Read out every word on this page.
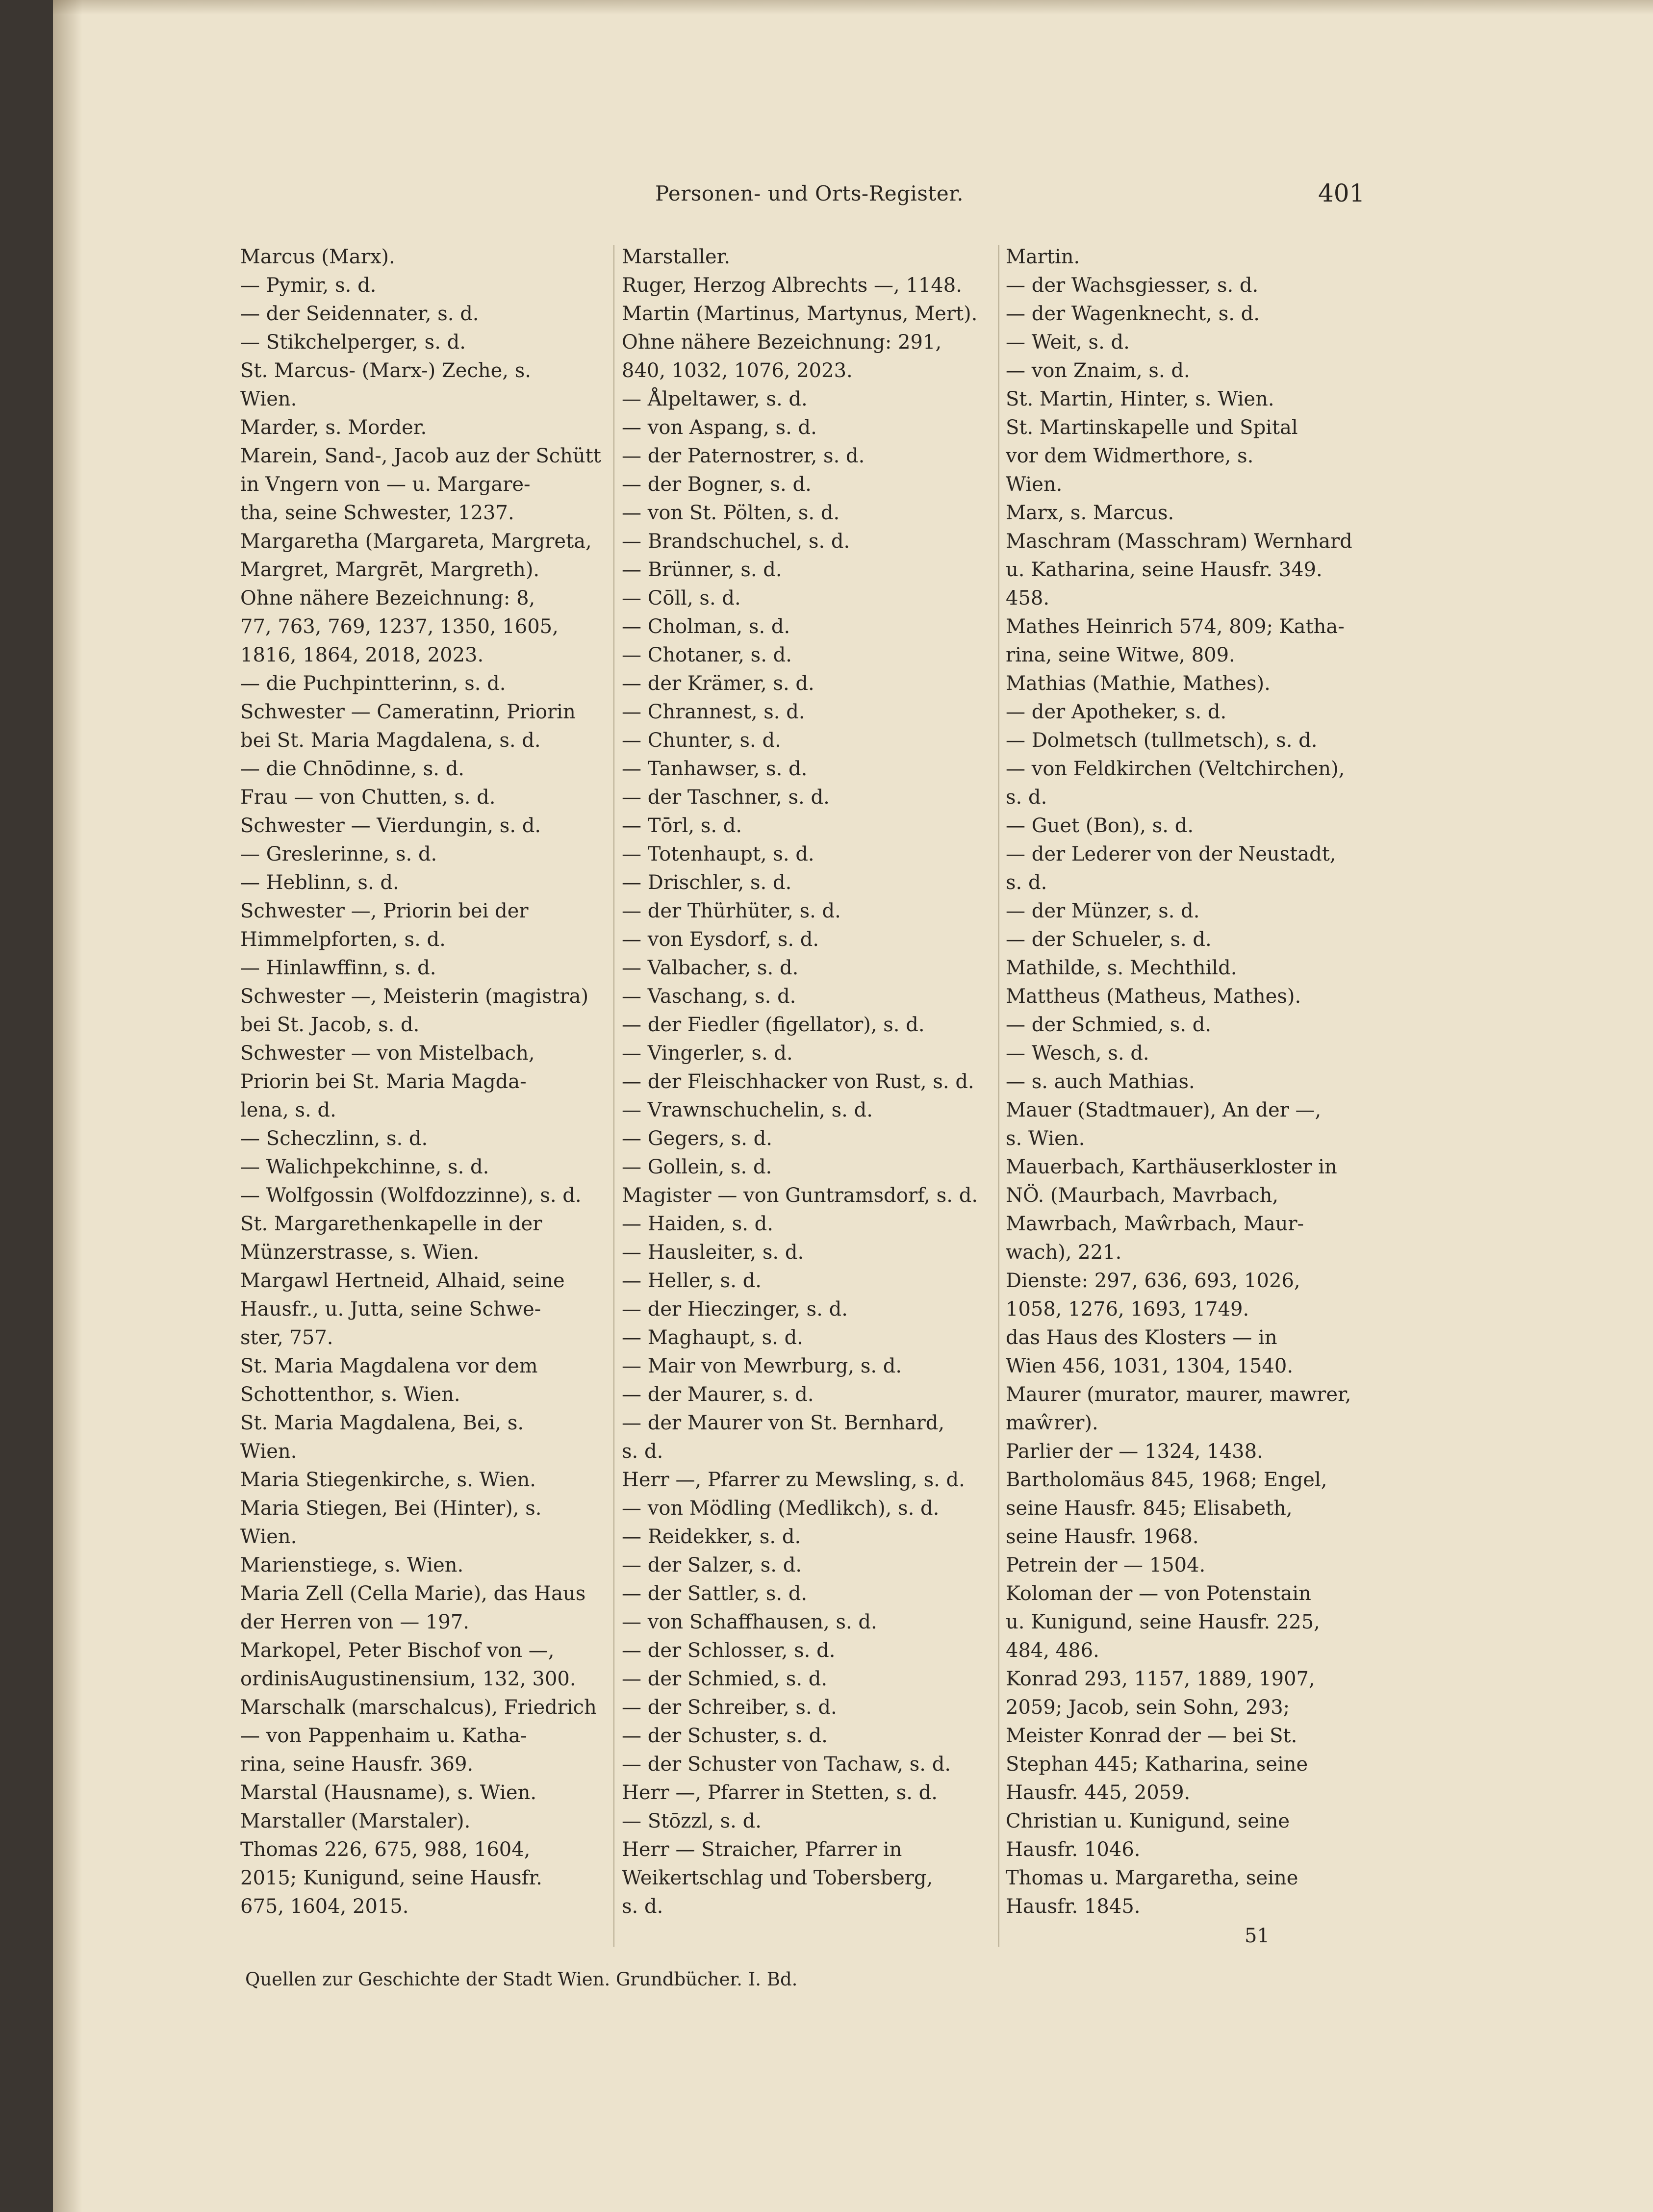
Personen- und Orts-Register.	401
Marcus (Marx).
— Pymir, s. d.
— der Seidennater, s. d.
— Stikchelperger, s. d.
St. Marcus- (Marx-) Zeche, s.
Wien.
Marder, s. Morder.
Marein, Sand-, Jacob auz der Schütt
in Vngern von — u. Margare-
tha, seine Schwester, 1237.
Margaretha (Margareta, Margreta,
Margret, Margrēt, Margreth).
Ohne nähere Bezeichnung: 8,
77, 763, 769, 1237, 1350, 1605,
1816, 1864, 2018, 2023.
— die Puchpintterinn, s. d.
Schwester — Cameratinn, Priorin
bei St. Maria Magdalena, s. d.
— die Chnōdinne, s. d.
Frau — von Chutten, s. d.
Schwester — Vierdungin, s. d.
— Greslerinne, s. d.
— Heblinn, s. d.
Schwester —, Priorin bei der
Himmelpforten, s. d.
— Hinlawffinn, s. d.
Schwester —, Meisterin (magistra)
bei St. Jacob, s. d.
Schwester — von Mistelbach,
Priorin bei St. Maria Magda-
lena, s. d.
— Scheczlinn, s. d.
— Walichpekchinne, s. d.
— Wolfgossin (Wolfdozzinne), s. d.
St. Margarethenkapelle in der
Münzerstrasse, s. Wien.
Margawl Hertneid, Alhaid, seine
Hausfr., u. Jutta, seine Schwe-
ster, 757.
St. Maria Magdalena vor dem
Schottenthor, s. Wien.
St. Maria Magdalena, Bei, s.
Wien.
Maria Stiegenkirche, s. Wien.
Maria Stiegen, Bei (Hinter), s.
Wien.
Marienstiege, s. Wien.
Maria Zell (Cella Marie), das Haus
der Herren von — 197.
Markopel, Peter Bischof von —,
ordinisAugustinensium, 132, 300.
Marschalk (marschalcus), Friedrich
— von Pappenhaim u. Katha-
rina, seine Hausfr. 369.
Marstal (Hausname), s. Wien.
Marstaller (Marstaler).
Thomas 226, 675, 988, 1604,
2015; Kunigund, seine Hausfr.
675, 1604, 2015.
Marstaller.
Ruger, Herzog Albrechts —, 1148.
Martin (Martinus, Martynus, Mert).
Ohne nähere Bezeichnung: 291,
840, 1032, 1076, 2023.
— Ålpeltawer, s. d.
— von Aspang, s. d.
— der Paternostrer, s. d.
— der Bogner, s. d.
— von St. Pölten, s. d.
— Brandschuchel, s. d.
— Brünner, s. d.
— Cōll, s. d.
— Cholman, s. d.
— Chotaner, s. d.
— der Krämer, s. d.
— Chrannest, s. d.
— Chunter, s. d.
— Tanhawser, s. d.
— der Taschner, s. d.
— Tōrl, s. d.
— Totenhaupt, s. d.
— Drischler, s. d.
— der Thürhüter, s. d.
— von Eysdorf, s. d.
— Valbacher, s. d.
— Vaschang, s. d.
— der Fiedler (figellator), s. d.
— Vingerler, s. d.
— der Fleischhacker von Rust, s. d.
— Vrawnschuchelin, s. d.
— Gegers, s. d.
— Gollein, s. d.
Magister — von Guntramsdorf, s. d.
— Haiden, s. d.
— Hausleiter, s. d.
— Heller, s. d.
— der Hieczinger, s. d.
— Maghaupt, s. d.
— Mair von Mewrburg, s. d.
— der Maurer, s. d.
— der Maurer von St. Bernhard,
s. d.
Herr —, Pfarrer zu Mewsling, s. d.
— von Mödling (Medlikch), s. d.
— Reidekker, s. d.
— der Salzer, s. d.
— der Sattler, s. d.
— von Schaffhausen, s. d.
— der Schlosser, s. d.
— der Schmied, s. d.
— der Schreiber, s. d.
— der Schuster, s. d.
— der Schuster von Tachaw, s. d.
Herr —, Pfarrer in Stetten, s. d.
— Stōzzl, s. d.
Herr — Straicher, Pfarrer in
Weikertschlag und Tobersberg,
s. d.
Martin.
— der Wachsgiesser, s. d.
— der Wagenknecht, s. d.
— Weit, s. d.
— von Znaim, s. d.
St. Martin, Hinter, s. Wien.
St. Martinskapelle und Spital
vor dem Widmerthore, s.
Wien.
Marx, s. Marcus.
Maschram (Masschram) Wernhard
u. Katharina, seine Hausfr. 349.
458.
Mathes Heinrich 574, 809; Katha-
rina, seine Witwe, 809.
Mathias (Mathie, Mathes).
— der Apotheker, s. d.
— Dolmetsch (tullmetsch), s. d.
— von Feldkirchen (Veltchirchen),
s. d.
— Guet (Bon), s. d.
— der Lederer von der Neustadt,
s. d.
— der Münzer, s. d.
— der Schueler, s. d.
Mathilde, s. Mechthild.
Mattheus (Matheus, Mathes).
— der Schmied, s. d.
— Wesch, s. d.
— s. auch Mathias.
Mauer (Stadtmauer), An der —,
s. Wien.
Mauerbach, Karthäuserkloster in
NÖ. (Maurbach, Mavrbach,
Mawrbach, Maŵrbach, Maur-
wach), 221.
Dienste: 297, 636, 693, 1026,
1058, 1276, 1693, 1749.
das Haus des Klosters — in
Wien 456, 1031, 1304, 1540.
Maurer (murator, maurer, mawrer,
maŵrer).
Parlier der — 1324, 1438.
Bartholomäus 845, 1968; Engel,
seine Hausfr. 845; Elisabeth,
seine Hausfr. 1968.
Petrein der — 1504.
Koloman der — von Potenstain
u. Kunigund, seine Hausfr. 225,
484, 486.
Konrad 293, 1157, 1889, 1907,
2059; Jacob, sein Sohn, 293;
Meister Konrad der — bei St.
Stephan 445; Katharina, seine
Hausfr. 445, 2059.
Christian u. Kunigund, seine
Hausfr. 1046.
Thomas u. Margaretha, seine
Hausfr. 1845.
51
Quellen zur Geschichte der Stadt Wien. Grundbücher. I. Bd.
